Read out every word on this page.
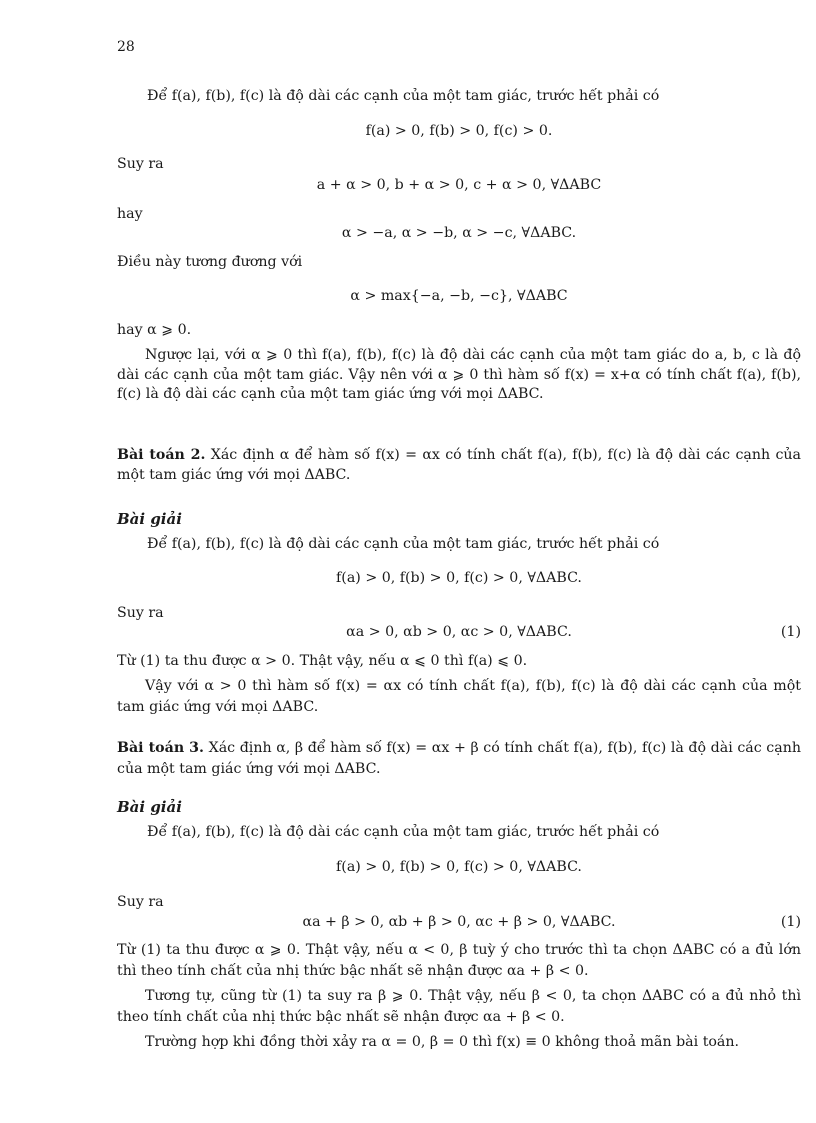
28
Để f(a), f(b), f(c) là độ dài các cạnh của một tam giác, trước hết phải có
f(a) > 0, f(b) > 0, f(c) > 0.
Suy ra
a + α > 0, b + α > 0, c + α > 0, ∀ΔABC
hay
α > −a, α > −b, α > −c, ∀ΔABC.
Điều này tương đương với
α > max{−a, −b, −c}, ∀ΔABC
hay α ⩾ 0.
Ngược lại, với α ⩾ 0 thì f(a), f(b), f(c) là độ dài các cạnh của một tam giác do a, b, c là độ dài các cạnh của một tam giác. Vậy nên với α ⩾ 0 thì hàm số f(x) = x+α có tính chất f(a), f(b), f(c) là độ dài các cạnh của một tam giác ứng với mọi ΔABC.
Bài toán 2. Xác định α để hàm số f(x) = αx có tính chất f(a), f(b), f(c) là độ dài các cạnh của một tam giác ứng với mọi ΔABC.
Bài giải
Để f(a), f(b), f(c) là độ dài các cạnh của một tam giác, trước hết phải có
f(a) > 0, f(b) > 0, f(c) > 0, ∀ΔABC.
Suy ra
αa > 0, αb > 0, αc > 0, ∀ΔABC.	(1)
Từ (1) ta thu được α > 0. Thật vậy, nếu α ⩽ 0 thì f(a) ⩽ 0.
Vậy với α > 0 thì hàm số f(x) = αx có tính chất f(a), f(b), f(c) là độ dài các cạnh của một tam giác ứng với mọi ΔABC.
Bài toán 3. Xác định α, β để hàm số f(x) = αx + β có tính chất f(a), f(b), f(c) là độ dài các cạnh của một tam giác ứng với mọi ΔABC.
Bài giải
Để f(a), f(b), f(c) là độ dài các cạnh của một tam giác, trước hết phải có
f(a) > 0, f(b) > 0, f(c) > 0, ∀ΔABC.
Suy ra
αa + β > 0, αb + β > 0, αc + β > 0, ∀ΔABC.	(1)
Từ (1) ta thu được α ⩾ 0. Thật vậy, nếu α < 0, β tuỳ ý cho trước thì ta chọn ΔABC có a đủ lớn thì theo tính chất của nhị thức bậc nhất sẽ nhận được αa + β < 0.
Tương tự, cũng từ (1) ta suy ra β ⩾ 0. Thật vậy, nếu β < 0, ta chọn ΔABC có a đủ nhỏ thì theo tính chất của nhị thức bậc nhất sẽ nhận được αa + β < 0.
Trường hợp khi đồng thời xảy ra α = 0, β = 0 thì f(x) ≡ 0 không thoả mãn bài toán.
